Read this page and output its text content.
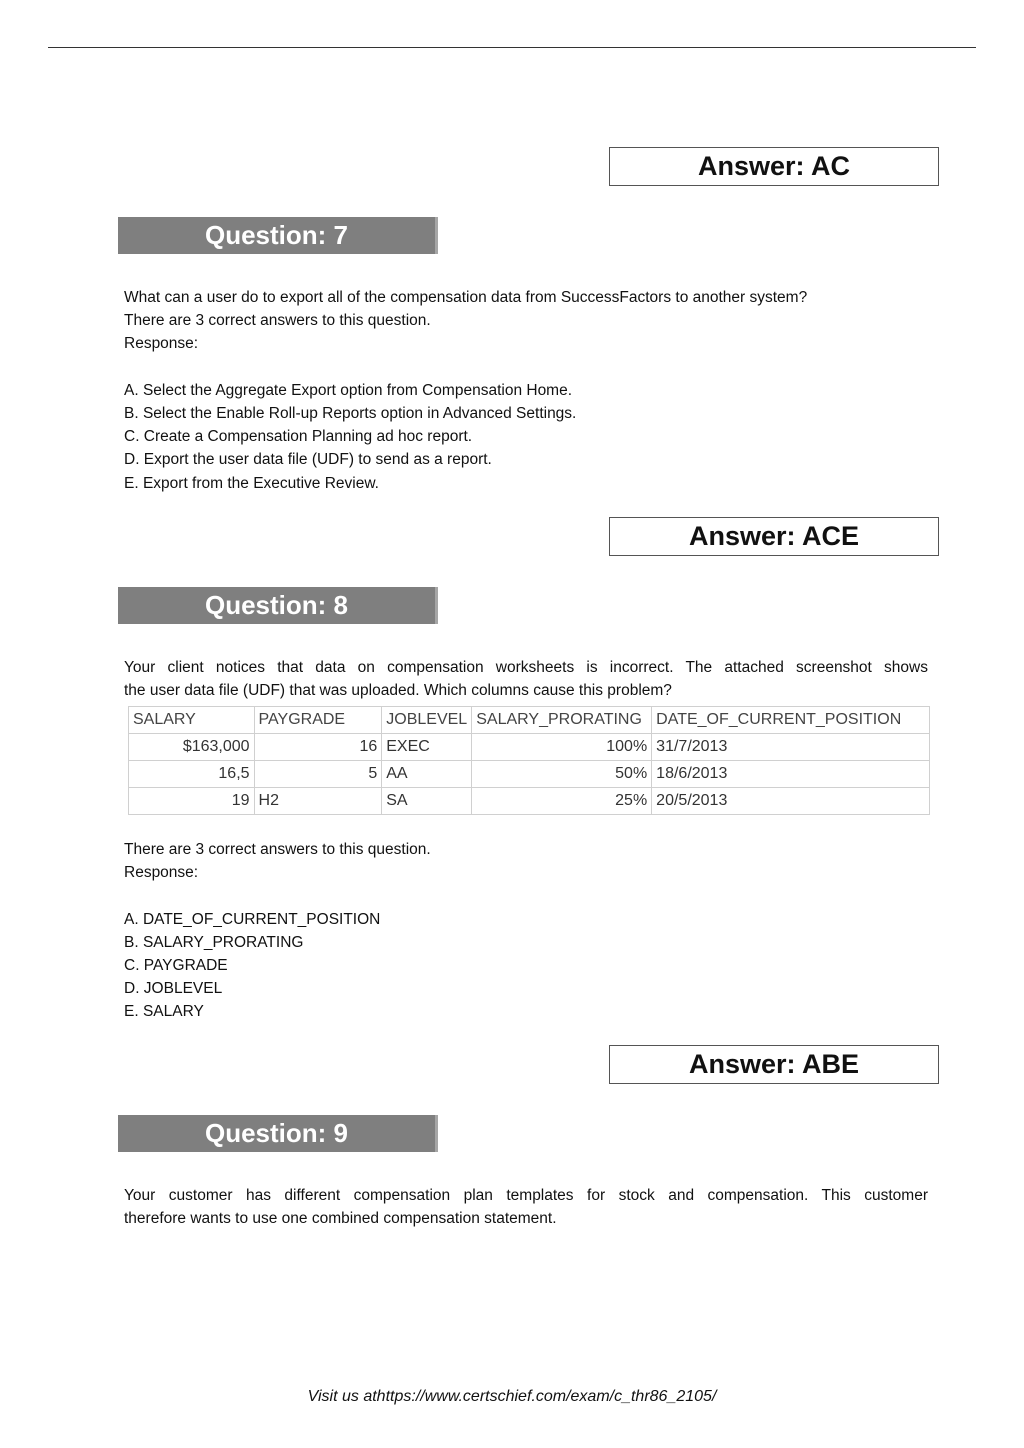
Answer: AC
Question: 7

What can a user do to export all of the compensation data from SuccessFactors to another system?

There are 3 correct answers to this question.

Response:

A. Select the Aggregate Export option from Compensation Home.

B. Select the Enable Roll-up Reports option in Advanced Settings.

C. Create a Compensation Planning ad hoc report.

D. Export the user data file (UDF) to send as a report.

E. Export from the Executive Review.

Answer: ACE
Question: 8

Your client notices that data on compensation worksheets is incorrect. The attached screenshot shows

the user data file (UDF) that was uploaded. Which columns cause this problem?

SALARY	PAYGRADE	JOBLEVEL	SALARY_PRORATING	DATE_OF_CURRENT_POSITION
$163,000	16	EXEC	100%	31/7/2013
16,5	5	AA	50%	18/6/2013
19	H2	SA	25%	20/5/2013

There are 3 correct answers to this question.

Response:

A. DATE_OF_CURRENT_POSITION

B. SALARY_PRORATING

C. PAYGRADE

D. JOBLEVEL

E. SALARY

Answer: ABE
Question: 9

Your customer has different compensation plan templates for stock and compensation. This customer

therefore wants to use one combined compensation statement.

Visit us athttps://www.certschief.com/exam/c_thr86_2105/
